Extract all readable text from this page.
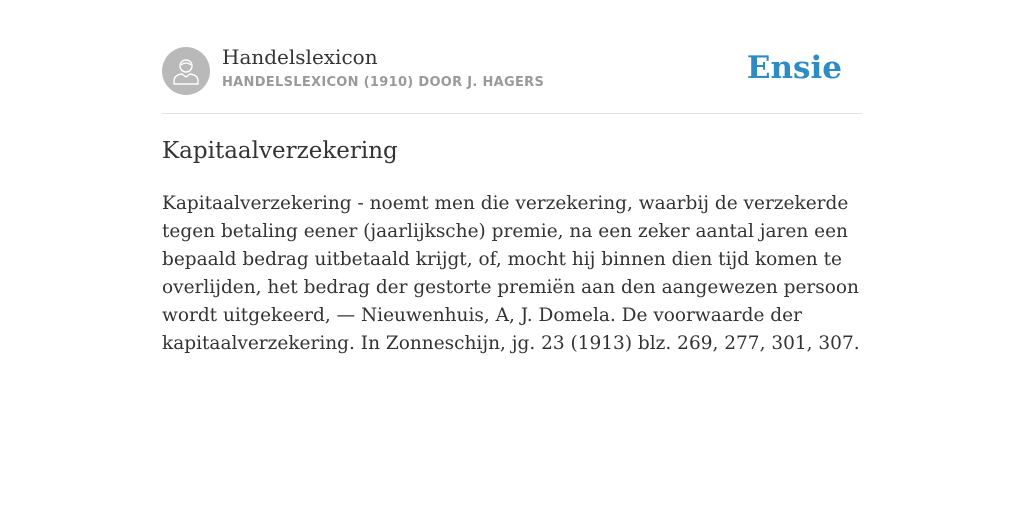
Handelslexicon
HANDELSLEXICON (1910) DOOR J. HAGERS	Ensie
Kapitaalverzekering

Kapitaalverzekering - noemt men die verzekering, waarbij de verzekerde tegen betaling eener (jaarlijksche) premie, na een zeker aantal jaren een bepaald bedrag uitbetaald krijgt, of, mocht hij binnen dien tijd komen te overlijden, het bedrag der gestorte premiën aan den aangewezen persoon wordt uitgekeerd, — Nieuwenhuis, A, J. Domela. De voorwaarde der kapitaalverzekering. In Zonneschijn, jg. 23 (1913) blz. 269, 277, 301, 307.
